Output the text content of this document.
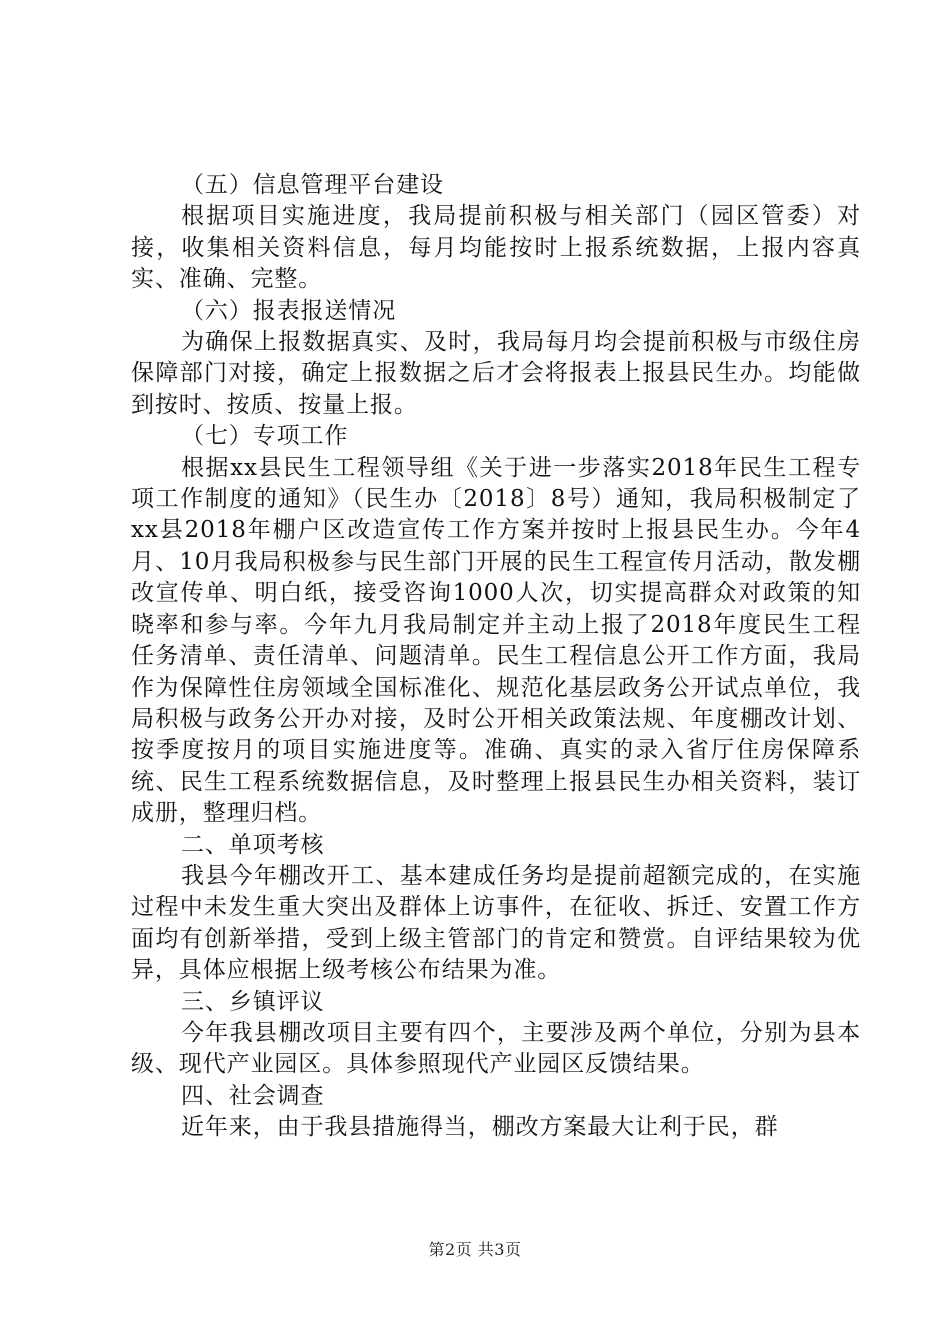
（五）信息管理平台建设

根据项目实施进度，我局提前积极与相关部门（园区管委）对接，收集相关资料信息，每月均能按时上报系统数据，上报内容真实、准确、完整。

（六）报表报送情况

为确保上报数据真实、及时，我局每月均会提前积极与市级住房保障部门对接，确定上报数据之后才会将报表上报县民生办。均能做到按时、按质、按量上报。

（七）专项工作

根据xx县民生工程领导组《关于进一步落实2018年民生工程专项工作制度的通知》（民生办〔2018〕8号）通知，我局积极制定了xx县2018年棚户区改造宣传工作方案并按时上报县民生办。今年4月、10月我局积极参与民生部门开展的民生工程宣传月活动，散发棚改宣传单、明白纸，接受咨询1000人次，切实提高群众对政策的知晓率和参与率。今年九月我局制定并主动上报了2018年度民生工程任务清单、责任清单、问题清单。民生工程信息公开工作方面，我局作为保障性住房领域全国标准化、规范化基层政务公开试点单位，我局积极与政务公开办对接，及时公开相关政策法规、年度棚改计划、按季度按月的项目实施进度等。准确、真实的录入省厅住房保障系统、民生工程系统数据信息，及时整理上报县民生办相关资料，装订成册，整理归档。

二、单项考核

我县今年棚改开工、基本建成任务均是提前超额完成的，在实施过程中未发生重大突出及群体上访事件，在征收、拆迁、安置工作方面均有创新举措，受到上级主管部门的肯定和赞赏。自评结果较为优异，具体应根据上级考核公布结果为准。

三、乡镇评议

今年我县棚改项目主要有四个，主要涉及两个单位，分别为县本级、现代产业园区。具体参照现代产业园区反馈结果。

四、社会调查

近年来，由于我县措施得当，棚改方案最大让利于民，群

第2页 共3页
